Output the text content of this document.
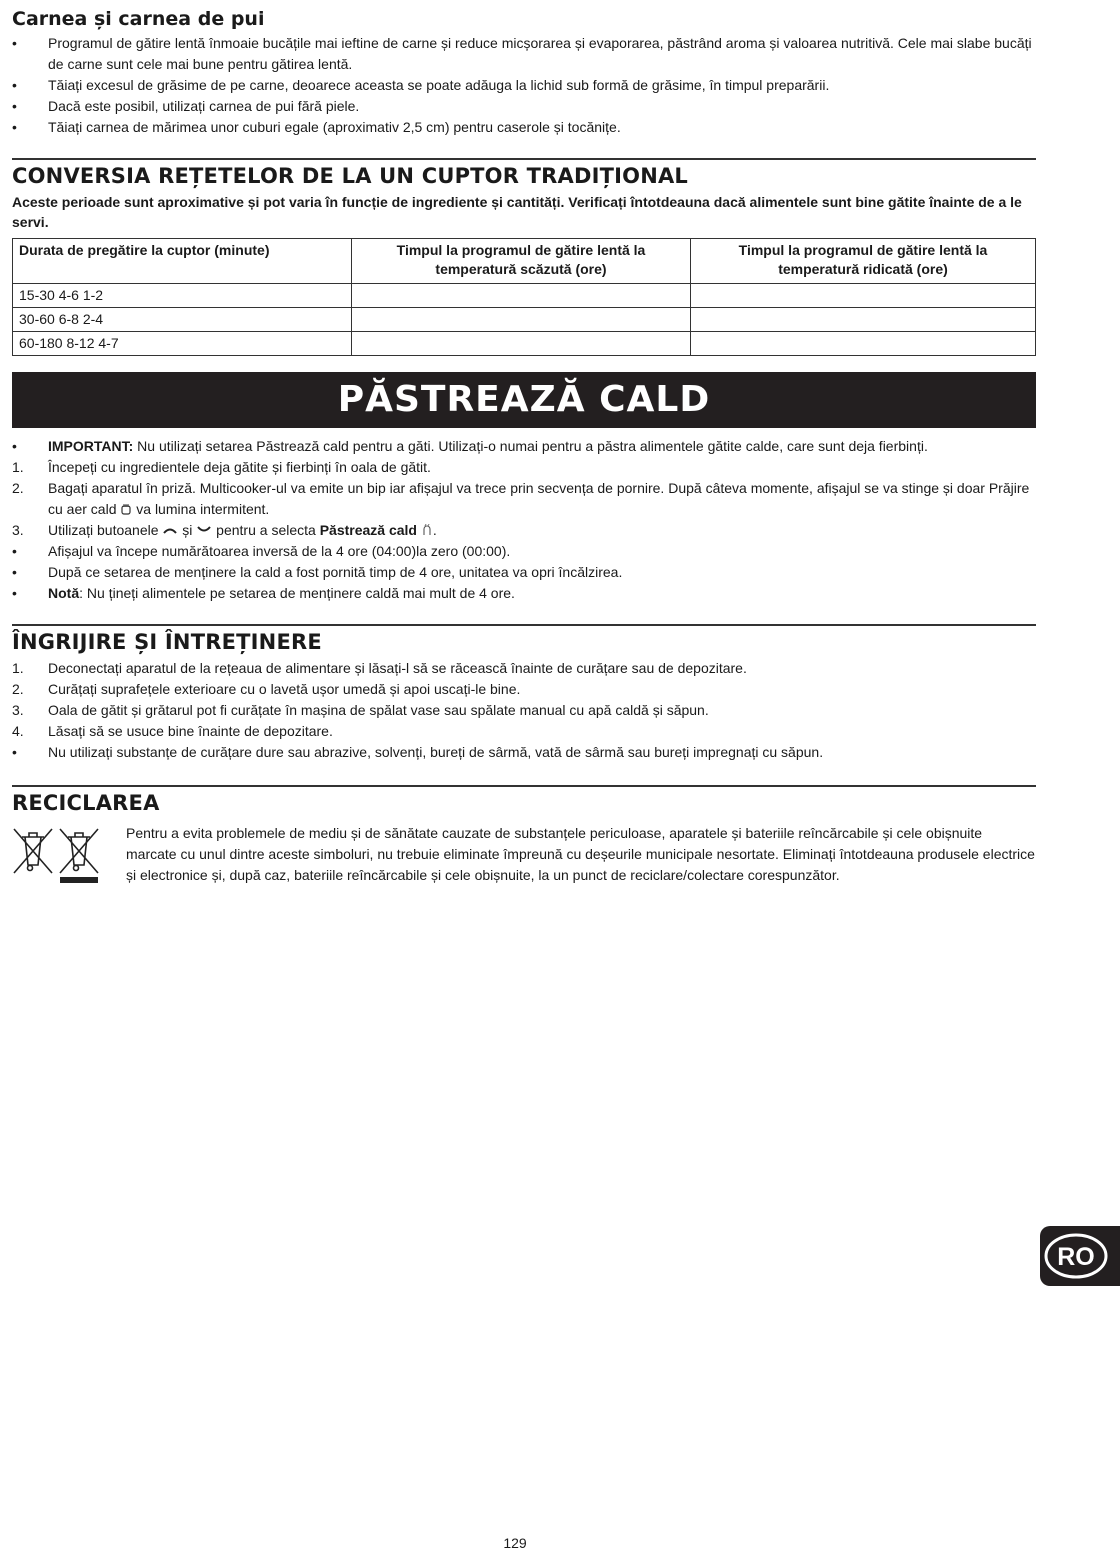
Carnea și carnea de pui
•	Programul de gătire lentă înmoaie bucățile mai ieftine de carne și reduce micșorarea și evaporarea, păstrând aroma și valoarea nutritivă. Cele mai slabe bucăți de carne sunt cele mai bune pentru gătirea lentă.
•	Tăiați excesul de grăsime de pe carne, deoarece aceasta se poate adăuga la lichid sub formă de grăsime, în timpul preparării.
•	Dacă este posibil, utilizați carnea de pui fără piele.
•	Tăiați carnea de mărimea unor cuburi egale (aproximativ 2,5 cm) pentru caserole și tocănițe.
CONVERSIA REȚETELOR DE LA UN CUPTOR TRADIȚIONAL
Aceste perioade sunt aproximative și pot varia în funcție de ingrediente și cantități. Verificați întotdeauna dacă alimentele sunt bine gătite înainte de a le servi.
Durata de pregătire la cuptor (minute)	Timpul la programul de gătire lentă la temperatură scăzută (ore)	Timpul la programul de gătire lentă la temperatură ridicată (ore)
15-30 4-6 1-2		
30-60 6-8 2-4		
60-180 8-12 4-7		
PĂSTREAZĂ CALD
•	IMPORTANT: Nu utilizați setarea Păstrează cald pentru a găti. Utilizați-o numai pentru a păstra alimentele gătite calde, care sunt deja fierbinți.
1.	Începeți cu ingredientele deja gătite și fierbinți în oala de gătit.
2.	Bagați aparatul în priză. Multicooker-ul va emite un bip iar afișajul va trece prin secvența de pornire. După câteva momente, afișajul se va stinge și doar Prăjire cu aer cald  va lumina intermitent.
3.	Utilizați butoanele  și  pentru a selecta Păstrează cald .
•	Afișajul va începe numărătoarea inversă de la 4 ore (04:00)la zero (00:00).
•	După ce setarea de menținere la cald a fost pornită timp de 4 ore, unitatea va opri încălzirea.
•	Notă: Nu țineți alimentele pe setarea de menținere caldă mai mult de 4 ore.
ÎNGRIJIRE ȘI ÎNTREȚINERE
1.	Deconectați aparatul de la rețeaua de alimentare și lăsați-l să se răcească înainte de curățare sau de depozitare.
2.	Curățați suprafețele exterioare cu o lavetă ușor umedă și apoi uscați-le bine.
3.	Oala de gătit și grătarul pot fi curățate în mașina de spălat vase sau spălate manual cu apă caldă și săpun.
4.	Lăsați să se usuce bine înainte de depozitare.
•	Nu utilizați substanțe de curățare dure sau abrazive, solvenți, bureți de sârmă, vată de sârmă sau bureți impregnați cu săpun.
RECICLAREA
Pentru a evita problemele de mediu și de sănătate cauzate de substanțele periculoase, aparatele și bateriile reîncărcabile și cele obișnuite marcate cu unul dintre aceste simboluri, nu trebuie eliminate împreună cu deșeurile municipale nesortate. Eliminați întotdeauna produsele electrice și electronice și, după caz, bateriile reîncărcabile și cele obișnuite, la un punct de reciclare/colectare corespunzător.
RO
129
